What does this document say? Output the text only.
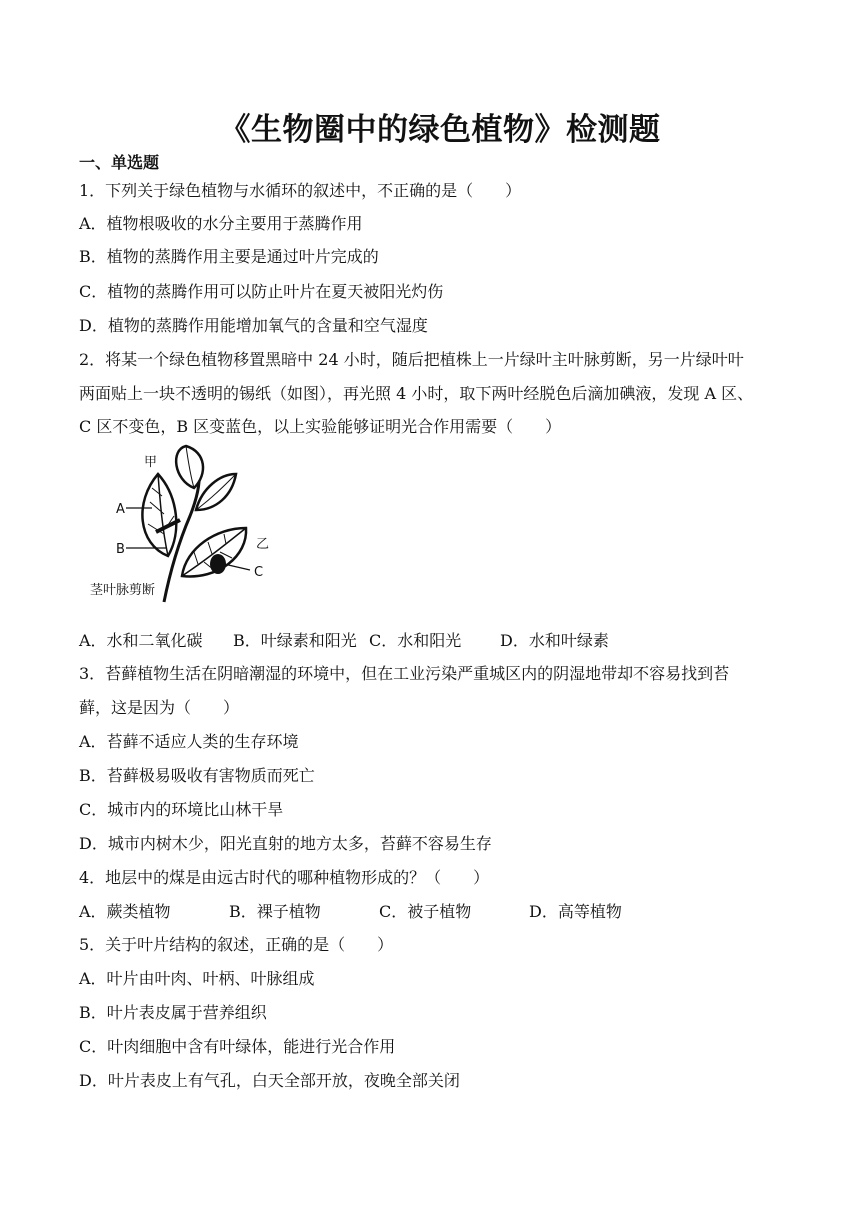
《生物圈中的绿色植物》检测题
一、单选题
1．下列关于绿色植物与水循环的叙述中，不正确的是（　　）
A．植物根吸收的水分主要用于蒸腾作用
B．植物的蒸腾作用主要是通过叶片完成的
C．植物的蒸腾作用可以防止叶片在夏天被阳光灼伤
D．植物的蒸腾作用能增加氧气的含量和空气湿度
2．将某一个绿色植物移置黑暗中 24 小时，随后把植株上一片绿叶主叶脉剪断，另一片绿叶叶
两面贴上一块不透明的锡纸（如图），再光照 4 小时，取下两叶经脱色后滴加碘液，发现 A 区、
C 区不变色，B 区变蓝色，以上实验能够证明光合作用需要（　　）
甲
乙
A
B
C
茎叶脉剪断
A．水和二氧化碳 B．叶绿素和阳光 C．水和阳光 D．水和叶绿素
3．苔藓植物生活在阴暗潮湿的环境中，但在工业污染严重城区内的阴湿地带却不容易找到苔
藓，这是因为（　　）
A．苔藓不适应人类的生存环境
B．苔藓极易吸收有害物质而死亡
C．城市内的环境比山林干旱
D．城市内树木少，阳光直射的地方太多，苔藓不容易生存
4．地层中的煤是由远古时代的哪种植物形成的？（　　）
A．蕨类植物	B．裸子植物	C．被子植物	D．高等植物
5．关于叶片结构的叙述，正确的是（　　）
A．叶片由叶肉、叶柄、叶脉组成
B．叶片表皮属于营养组织
C．叶肉细胞中含有叶绿体，能进行光合作用
D．叶片表皮上有气孔，白天全部开放，夜晚全部关闭
